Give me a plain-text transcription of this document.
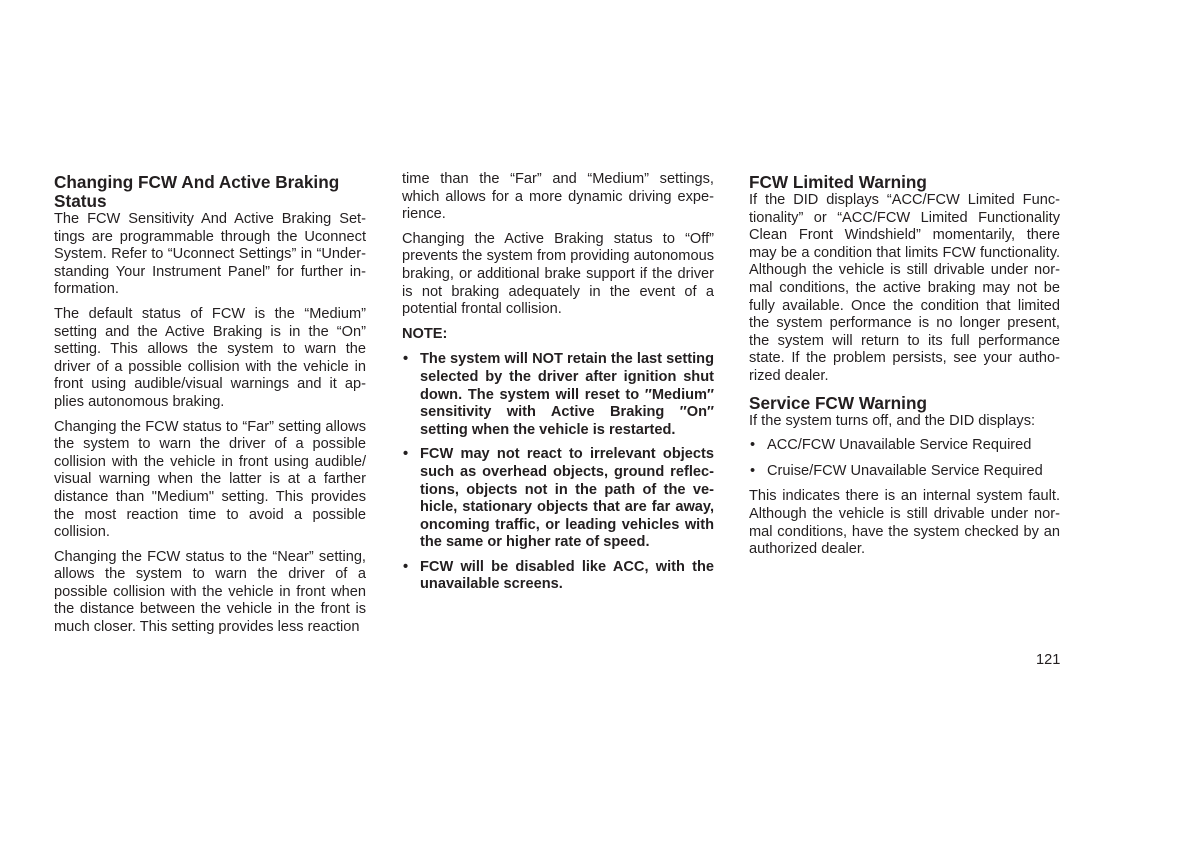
Changing FCW And Active Braking Status

The FCW Sensitivity And Active Braking Settings are programmable through the Uconnect System. Refer to “Uconnect Settings” in “Understanding Your Instrument Panel” for further information.

The default status of FCW is the “Medium” setting and the Active Braking is in the “On” setting. This allows the system to warn the driver of a possible collision with the vehicle in front using audible/visual warnings and it applies autonomous braking.

Changing the FCW status to “Far” setting allows the system to warn the driver of a possible collision with the vehicle in front using audible/ visual warning when the latter is at a farther distance than "Medium" setting. This provides the most reaction time to avoid a possible collision.

Changing the FCW status to the “Near” setting, allows the system to warn the driver of a possible collision with the vehicle in front when the distance between the vehicle in the front is much closer. This setting provides less reaction

time than the “Far” and “Medium” settings, which allows for a more dynamic driving experience.

Changing the Active Braking status to “Off” prevents the system from providing autonomous braking, or additional brake support if the driver is not braking adequately in the event of a potential frontal collision.

NOTE:
• The system will NOT retain the last setting selected by the driver after ignition shut down. The system will reset to ″Medium″ sensitivity with Active Braking ″On″ setting when the vehicle is restarted.
• FCW may not react to irrelevant objects such as overhead objects, ground reflections, objects not in the path of the vehicle, stationary objects that are far away, oncoming traffic, or leading vehicles with the same or higher rate of speed.
• FCW will be disabled like ACC, with the unavailable screens.
FCW Limited Warning

If the DID displays “ACC/FCW Limited Functionality” or “ACC/FCW Limited Functionality Clean Front Windshield” momentarily, there may be a condition that limits FCW functionality. Although the vehicle is still drivable under normal conditions, the active braking may not be fully available. Once the condition that limited the system performance is no longer present, the system will return to its full performance state. If the problem persists, see your authorized dealer.

Service FCW Warning

If the system turns off, and the DID displays:

• ACC/FCW Unavailable Service Required
• Cruise/FCW Unavailable Service Required

This indicates there is an internal system fault. Although the vehicle is still drivable under normal conditions, have the system checked by an authorized dealer.

121
